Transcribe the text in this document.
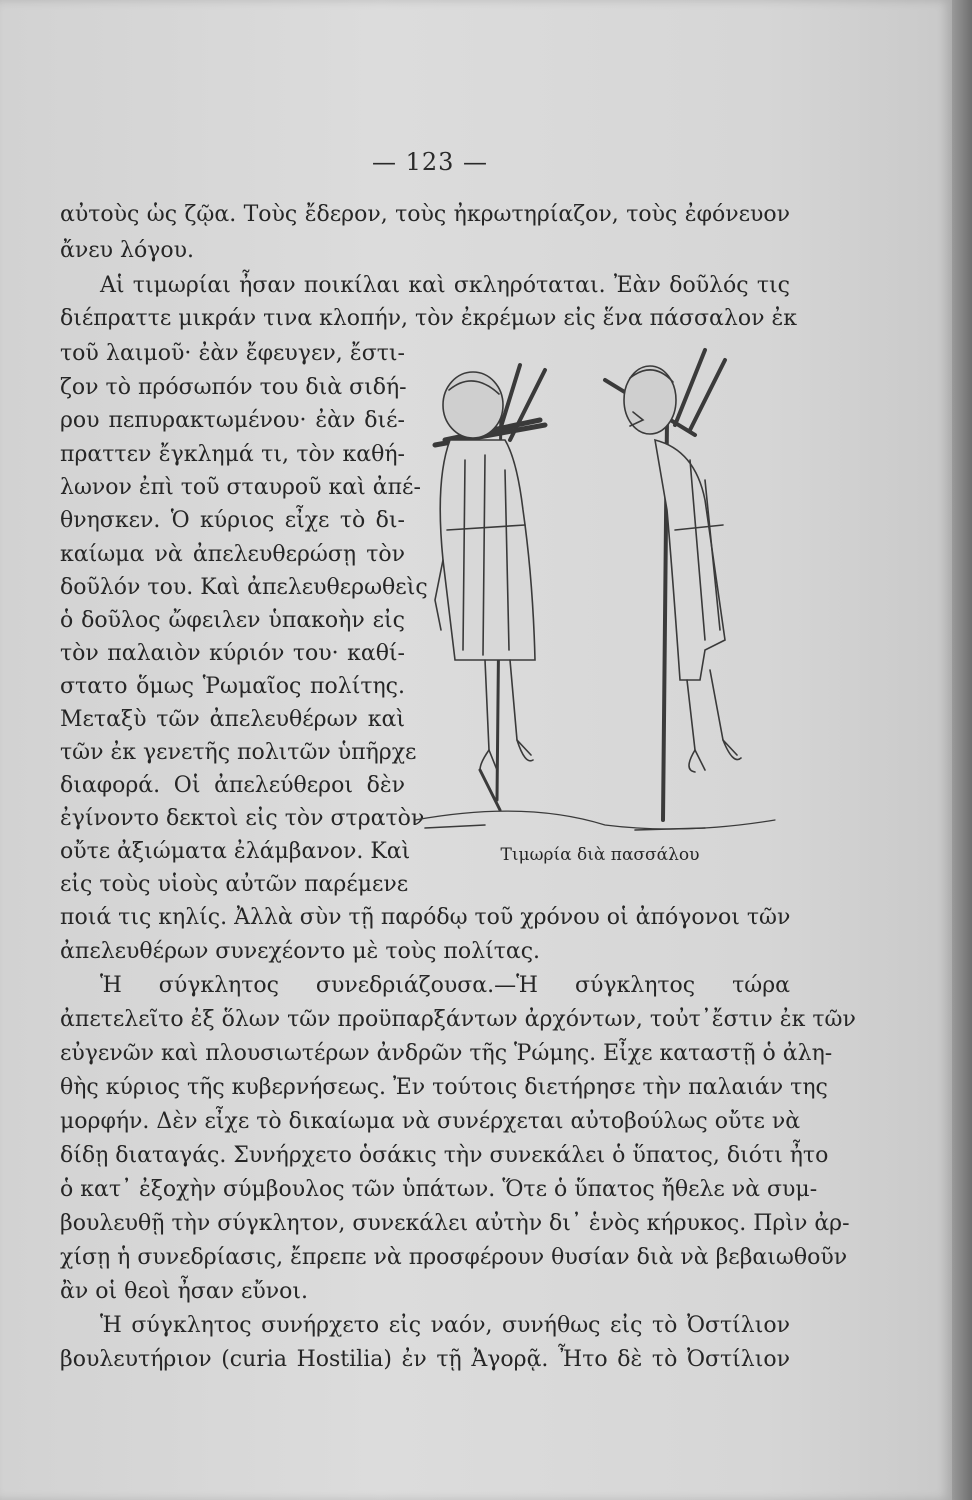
— 123 —
αὐτοὺς ὡς ζῷα. Τοὺς ἔδερον, τοὺς ἠκρωτηρίαζον, τοὺς ἐφόνευον
ἄνευ λόγου.
Αἱ τιμωρίαι ἦσαν ποικίλαι καὶ σκληρόταται. Ἐὰν δοῦλός τις
διέπραττε μικράν τινα κλοπήν, τὸν ἐκρέμων εἰς ἕνα πάσσαλον ἐκ
τοῦ λαιμοῦ· ἐὰν ἔφευγεν, ἔστι-
ζον τὸ πρόσωπόν του διὰ σιδή-
ρου πεπυρακτωμένου· ἐὰν διέ-
πραττεν ἔγκλημά τι, τὸν καθή-
λωνον ἐπὶ τοῦ σταυροῦ καὶ ἀπέ-
θνησκεν. Ὁ κύριος εἶχε τὸ δι-
καίωμα νὰ ἀπελευθερώσῃ τὸν
δοῦλόν του. Καὶ ἀπελευθερωθεὶς
ὁ δοῦλος ὤφειλεν ὑπακοὴν εἰς
τὸν παλαιὸν κύριόν του· καθί-
στατο ὅμως Ῥωμαῖος πολίτης.
Μεταξὺ τῶν ἀπελευθέρων καὶ
τῶν ἐκ γενετῆς πολιτῶν ὑπῆρχε
διαφορά. Οἱ ἀπελεύθεροι δὲν
ἐγίνοντο δεκτοὶ εἰς τὸν στρατὸν
οὔτε ἀξιώματα ἐλάμβανον. Καὶ
εἰς τοὺς υἱοὺς αὐτῶν παρέμενε
ποιά τις κηλίς. Ἀλλὰ σὺν τῇ παρόδῳ τοῦ χρόνου οἱ ἀπόγονοι τῶν
ἀπελευθέρων συνεχέοντο μὲ τοὺς πολίτας.
Ἡ σύγκλητος συνεδριάζουσα.—Ἡ σύγκλητος τώρα
ἀπετελεῖτο ἐξ ὅλων τῶν προϋπαρξάντων ἀρχόντων, τοὐτ᾽ἔστιν ἐκ τῶν
εὐγενῶν καὶ πλουσιωτέρων ἀνδρῶν τῆς Ῥώμης. Εἶχε καταστῇ ὁ ἀλη-
θὴς κύριος τῆς κυβερνήσεως. Ἐν τούτοις διετήρησε τὴν παλαιάν της
μορφήν. Δὲν εἶχε τὸ δικαίωμα νὰ συνέρχεται αὐτοβούλως οὔτε νὰ
δίδῃ διαταγάς. Συνήρχετο ὁσάκις τὴν συνεκάλει ὁ ὕπατος, διότι ἦτο
ὁ κατ᾽ ἐξοχὴν σύμβουλος τῶν ὑπάτων. Ὅτε ὁ ὕπατος ἤθελε νὰ συμ-
βουλευθῇ τὴν σύγκλητον, συνεκάλει αὐτὴν δι᾽ ἑνὸς κήρυκος. Πρὶν ἀρ-
χίσῃ ἡ συνεδρίασις, ἔπρεπε νὰ προσφέρουν θυσίαν διὰ νὰ βεβαιωθοῦν
ἂν οἱ θεοὶ ἦσαν εὔνοι.
Ἡ σύγκλητος συνήρχετο εἰς ναόν, συνήθως εἰς τὸ Ὀστίλιον
βουλευτήριον (curia Hostilia) ἐν τῇ Ἀγορᾷ. Ἦτο δὲ τὸ Ὀστίλιον
Τιμωρία διὰ πασσάλου
